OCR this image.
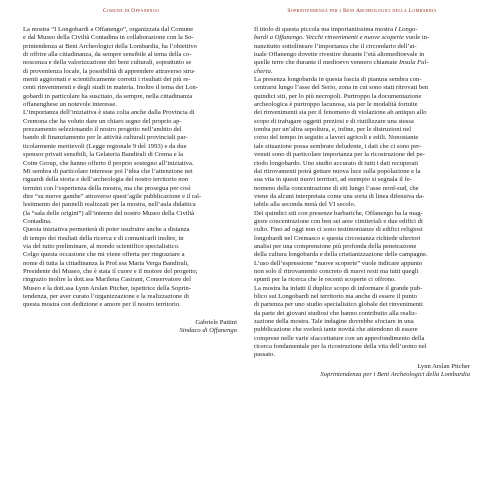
Comune di Offanengo

La mostra “I Longobardi a Offanengo”, organizzata dal Comune
e dal Museo della Civiltà Contadina in collaborazione con la So-
printendenza ai Beni Archeologici della Lombardia, ha l’obiettivo
di offrire alla cittadinanza, da sempre sensibile al tema della co-
noscenza e della valorizzazione dei beni culturali, soprattutto se
di provenienza locale, la possibilità di apprendere attraverso stru-
menti aggiornati e scientificamente corretti i risultati dei più re-
centi rinvenimenti e degli studi in materia. Inoltre il tema dei Lon-
gobardi in particolare ha suscitato, da sempre, nella cittadinanza
offanenghese un notevole interesse.
L’importanza dell’iniziativa è stata colta anche dalla Provincia di
Cremona che ha voluto dare un chiaro segno del proprio ap-
prezzamento selezionando il nostro progetto nell’ambito del
bando di finanziamento per le attività culturali provinciali par-
ticolarmente meritevoli (Legge regionale 9 del 1993) e da due
sponsor privati sensibili, la Gelateria Bandirali di Crema e la
Coim Group, che hanno offerto il proprio sostegno all’iniziativa.
Mi sembra di particolare interesse poi l’idea che l’attenzione nei
riguardi della storia e dell’archeologia del nostro territorio non
termini con l’esperienza della mostra, ma che prosegua per così
dire “su nuove gambe” attraverso quest’agile pubblicazione e il ral-
lestimento dei pannelli realizzati per la mostra, nell’aula didattica
(la “sala delle origini”) all’interno del nostro Museo della Civiltà
Contadina.
Questa iniziativa permetterà di poter usufruire anche a distanza
di tempo dei risultati della ricerca e di comunicarli inoltre, in
via del tutto preliminare, al mondo scientifico specialistico.
Colgo questa occasione che mi viene offerta per ringraziare a
nome di tutta la cittadinanza la Prof.ssa Maria Verga Bandirali,
Presidente del Museo, che è stata il cuore e il motore del progetto;
ringrazio inoltre la dott.ssa Marilena Casirani, Conservatore del
Museo e la dott.ssa Lynn Arslan Pitcher, ispettrice della Soprin-
tendenza, per aver curato l’organizzazione e la realizzazione di
questa mostra con dedizione e amore per il nostro territorio.

Gabriele Pattini

Sindaco di Offanengo

Soprintendenza per i Beni Archeologici della Lombardia

Il titolo di questa piccola ma importantissima mostra I Longo-
bardi a Offanengo. Vecchi rinvenimenti e nuove scoperte vuole in-
nanzitutto sottolineare l’importanza che il circondario dell’at-
tuale Offanengo dovette rivestire durante l’età altomedioevale in
quelle terre che durante il medioevo vennero chiamate Insula Ful-
cheria.

La presenza longobarda in questa fascia di pianura sembra con-
centrarsi lungo l’asse del Serio, zona in cui sono stati ritrovati ben
quindici siti, per lo più necropoli. Purtroppo la documentazione
archeologica è purtroppo lacunosa, sia per le modalità fortuite
dei rinvenimenti sia per il fenomeno di violazione ab antiquo allo
scopo di trafugare oggetti preziosi e di riutilizzare una stessa
tomba per un’altra sepoltura, e, infine, per le distruzioni nel
corso del tempo in seguito a lavori agricoli e edili. Nonostante
tale situazione possa sembrare deludente, i dati che ci sono per-
venuti sono di particolare importanza per la ricostruzione del pe-
riodo longobardo. Uno studio accurato di tutti i dati recuperati
dai ritrovamenti potrà gettare nuova luce sulla popolazione e la
sua vita in questi nuovi territori, ad esempio si segnala il fe-
nomeno della concentrazione di siti lungo l’asse nord-sud, che
viene da alcuni interpretata come una sorta di linea difensiva da-
tabile alla seconda metà del VI secolo.
Dei quindici siti con presenze barbariche, Offanengo ha la mag-
giore concentrazione con ben sei aree cimiteriali e due edifici di
culto. Fino ad oggi non ci sono testimonianze di edifici religiosi
longobardi nel Cremasco e questa circostanza richiede ulteriori
analisi per una comprensione più profonda della penetrazione
della cultura longobarda e della cristianizzazione delle campagne.
L’uso dell’espressione “nuove scoperte” vuole indicare appunto
non solo il ritrovamento concreto di nuovi resti ma tutti quegli
spunti per la ricerca che le recenti scoperte ci offrono.
La mostra ha infatti il duplice scopo di informare il grande pub-
blico sui Longobardi nel territorio ma anche di essere il punto
di partenza per uno studio specialistico globale dei rinvenimenti
da parte dei giovani studiosi che hanno contribuito alla realiz-
zazione della mostra. Tale indagine dovrebbe sfociare in una
pubblicazione che svelerà tante novità che attendono di essere
comprese nelle varie sfaccettature con un approfondimento della
ricerca fondamentale per la ricostruzione della vita dell’uomo nel
passato.

Lynn Arslan Pitcher

Soprintendenza per i Beni Archeologici della Lombardia
